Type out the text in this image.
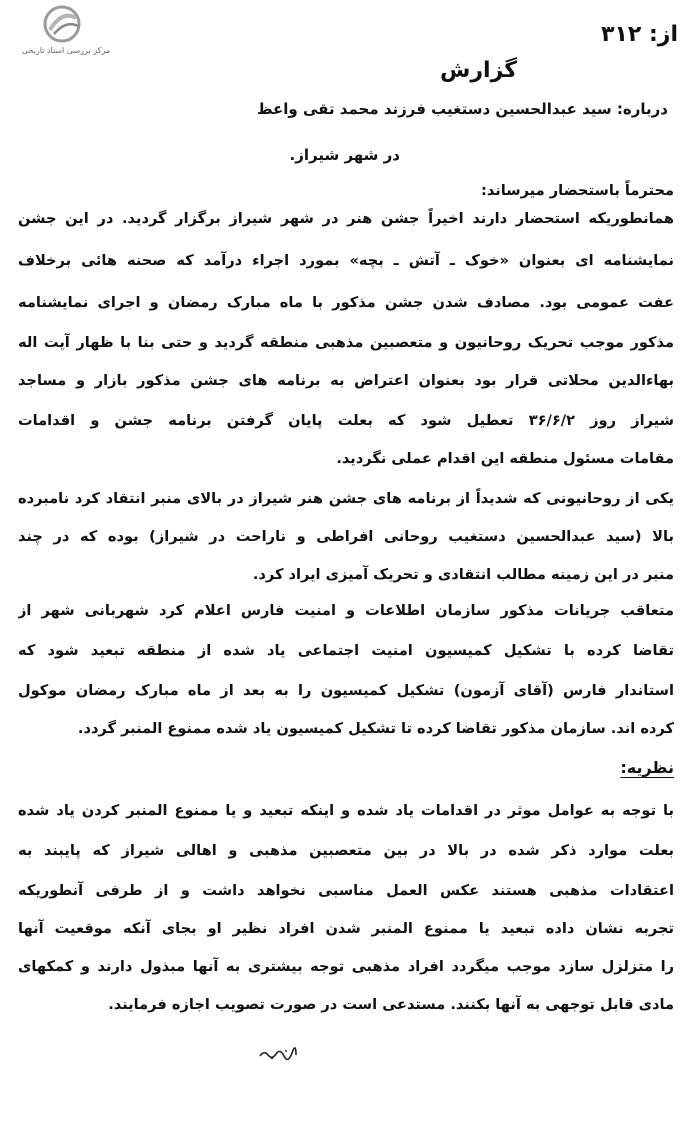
مرکز بررسی اسناد تاریخی
از: ۳۱۲
گزارش
درباره: سید عبدالحسین دستغیب فرزند محمد تقی واعظ
در شهر شیراز.
محترماً باستحضار میرساند:
همانطوریکه استحضار دارند اخیراً جشن هنر در شهر شیراز برگزار گردید. در این جشن
نمایشنامه ای بعنوان «خوک ـ آتش ـ بچه» بمورد اجراء درآمد که صحنه هائی برخلاف
عفت عمومی بود. مصادف شدن جشن مذکور با ماه مبارک رمضان و اجرای نمایشنامه
مذکور موجب تحریک روحانیون و متعصبین مذهبی منطقه گردید و حتی بنا با ظهار آیت اله
بهاءالدین محلاتی قرار بود بعنوان اعتراض به برنامه های جشن مذکور بازار و مساجد
شیراز روز ۳۶/۶/۲ تعطیل شود که بعلت پایان گرفتن برنامه جشن و اقدامات
مقامات مسئول منطقه این اقدام عملی نگردید.
یکی از روحانیونی که شدیداً از برنامه های جشن هنر شیراز در بالای منبر انتقاد کرد نامبرده
بالا (سید عبدالحسین دستغیب روحانی افراطی و ناراحت در شیراز) بوده که در چند
منبر در این زمینه مطالب انتقادی و تحریک آمیزی ایراد کرد.
متعاقب جریانات مذکور سازمان اطلاعات و امنیت فارس اعلام کرد شهربانی شهر از
تقاضا کرده با تشکیل کمیسیون امنیت اجتماعی یاد شده از منطقه تبعید شود که
استاندار فارس (آقای آزمون) تشکیل کمیسیون را به بعد از ماه مبارک رمضان موکول
کرده اند. سازمان مذکور تقاضا کرده تا تشکیل کمیسیون یاد شده ممنوع المنبر گردد.
نظریه:
با توجه به عوامل موثر در اقدامات یاد شده و اینکه تبعید و یا ممنوع المنبر کردن یاد شده
بعلت موارد ذکر شده در بالا در بین متعصبین مذهبی و اهالی شیراز که پایبند به
اعتقادات مذهبی هستند عکس العمل مناسبی نخواهد داشت و از طرفی آنطوریکه
تجربه نشان داده تبعید یا ممنوع المنبر شدن افراد نظیر او بجای آنکه موقعیت آنها
را متزلزل سازد موجب میگردد افراد مذهبی توجه بیشتری به آنها مبذول دارند و کمکهای
مادی قابل توجهی به آنها بکنند. مستدعی است در صورت تصویب اجازه فرمایند.
